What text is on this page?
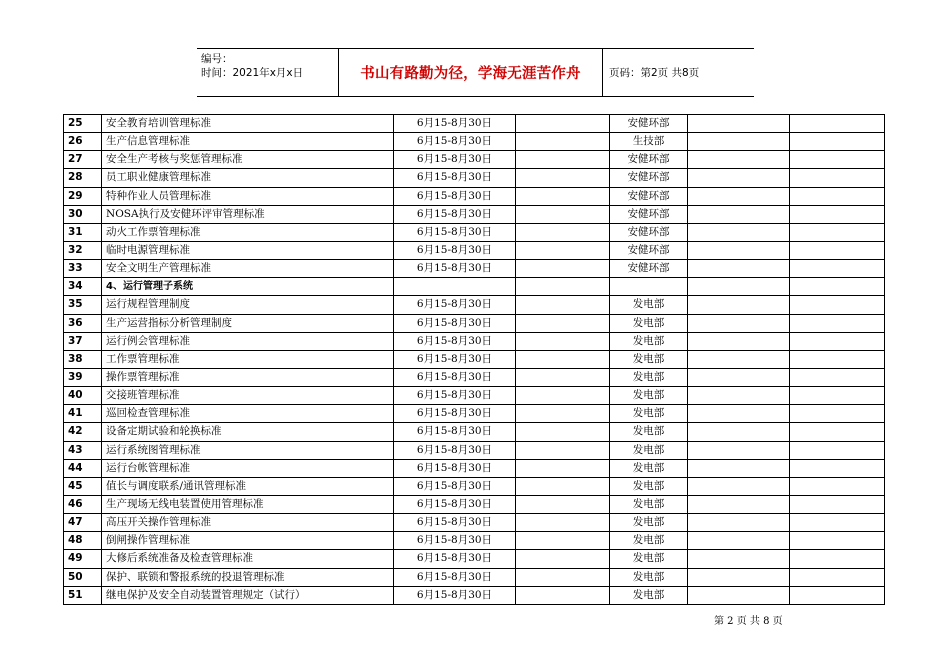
编号：
时间：2021年x月x日	书山有路勤为径，学海无涯苦作舟	页码：第2页 共8页
25	安全教育培训管理标准	6月15-8月30日		安健环部		
26	生产信息管理标准	6月15-8月30日		生技部		
27	安全生产考核与奖惩管理标准	6月15-8月30日		安健环部		
28	员工职业健康管理标准	6月15-8月30日		安健环部		
29	特种作业人员管理标准	6月15-8月30日		安健环部		
30	NOSA执行及安健环评审管理标准	6月15-8月30日		安健环部		
31	动火工作票管理标准	6月15-8月30日		安健环部		
32	临时电源管理标准	6月15-8月30日		安健环部		
33	安全文明生产管理标准	6月15-8月30日		安健环部		
34	4、运行管理子系统					
35	运行规程管理制度	6月15-8月30日		发电部		
36	生产运营指标分析管理制度	6月15-8月30日		发电部		
37	运行例会管理标准	6月15-8月30日		发电部		
38	工作票管理标准	6月15-8月30日		发电部		
39	操作票管理标准	6月15-8月30日		发电部		
40	交接班管理标准	6月15-8月30日		发电部		
41	巡回检查管理标准	6月15-8月30日		发电部		
42	设备定期试验和轮换标准	6月15-8月30日		发电部		
43	运行系统图管理标准	6月15-8月30日		发电部		
44	运行台帐管理标准	6月15-8月30日		发电部		
45	值长与调度联系/通讯管理标准	6月15-8月30日		发电部		
46	生产现场无线电装置使用管理标准	6月15-8月30日		发电部		
47	高压开关操作管理标准	6月15-8月30日		发电部		
48	倒闸操作管理标准	6月15-8月30日		发电部		
49	大修后系统准备及检查管理标准	6月15-8月30日		发电部		
50	保护、联锁和警报系统的投退管理标准	6月15-8月30日		发电部		
51	继电保护及安全自动装置管理规定（试行）	6月15-8月30日		发电部		
第 2 页 共 8 页
